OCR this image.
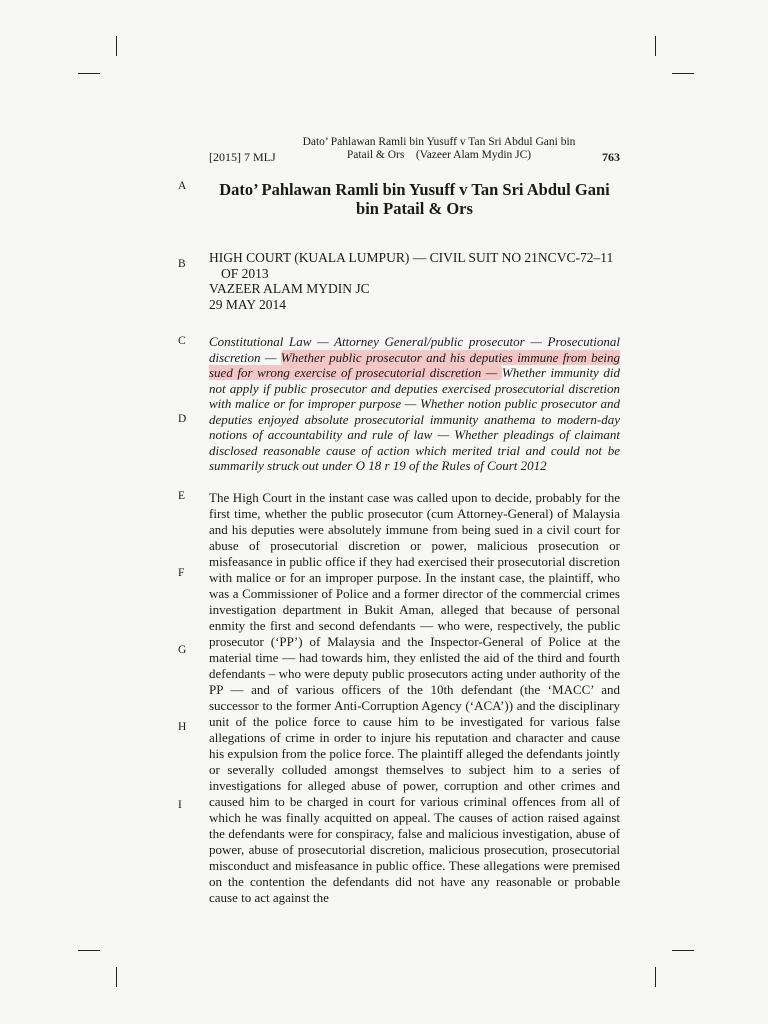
[2015] 7 MLJ
Dato’ Pahlawan Ramli bin Yusuff v Tan Sri Abdul Gani bin
Patail & Ors    (Vazeer Alam Mydin JC)	763
A
B
C
D
E
F
G
H
I
Dato’ Pahlawan Ramli bin Yusuff v Tan Sri Abdul Gani bin Patail & Ors
HIGH COURT (KUALA LUMPUR) — CIVIL SUIT NO 21NCVC-72–11
OF 2013
VAZEER ALAM MYDIN JC
29 MAY 2014
Constitutional Law — Attorney General/public prosecutor — Prosecutional discretion — Whether public prosecutor and his deputies immune from being sued for wrong exercise of prosecutorial discretion — Whether immunity did not apply if public prosecutor and deputies exercised prosecutorial discretion with malice or for improper purpose — Whether notion public prosecutor and deputies enjoyed absolute prosecutorial immunity anathema to modern-day notions of accountability and rule of law — Whether pleadings of claimant disclosed reasonable cause of action which merited trial and could not be summarily struck out under O 18 r 19 of the Rules of Court 2012
The High Court in the instant case was called upon to decide, probably for the first time, whether the public prosecutor (cum Attorney-General) of Malaysia and his deputies were absolutely immune from being sued in a civil court for abuse of prosecutorial discretion or power, malicious prosecution or misfeasance in public office if they had exercised their prosecutorial discretion with malice or for an improper purpose. In the instant case, the plaintiff, who was a Commissioner of Police and a former director of the commercial crimes investigation department in Bukit Aman, alleged that because of personal enmity the first and second defendants — who were, respectively, the public prosecutor (‘PP’) of Malaysia and the Inspector-General of Police at the material time — had towards him, they enlisted the aid of the third and fourth defendants – who were deputy public prosecutors acting under authority of the PP — and of various officers of the 10th defendant (the ‘MACC’ and successor to the former Anti-Corruption Agency (‘ACA’)) and the disciplinary unit of the police force to cause him to be investigated for various false allegations of crime in order to injure his reputation and character and cause his expulsion from the police force. The plaintiff alleged the defendants jointly or severally colluded amongst themselves to subject him to a series of investigations for alleged abuse of power, corruption and other crimes and caused him to be charged in court for various criminal offences from all of which he was finally acquitted on appeal. The causes of action raised against the defendants were for conspiracy, false and malicious investigation, abuse of power, abuse of prosecutorial discretion, malicious prosecution, prosecutorial misconduct and misfeasance in public office. These allegations were premised on the contention the defendants did not have any reasonable or probable cause to act against the
